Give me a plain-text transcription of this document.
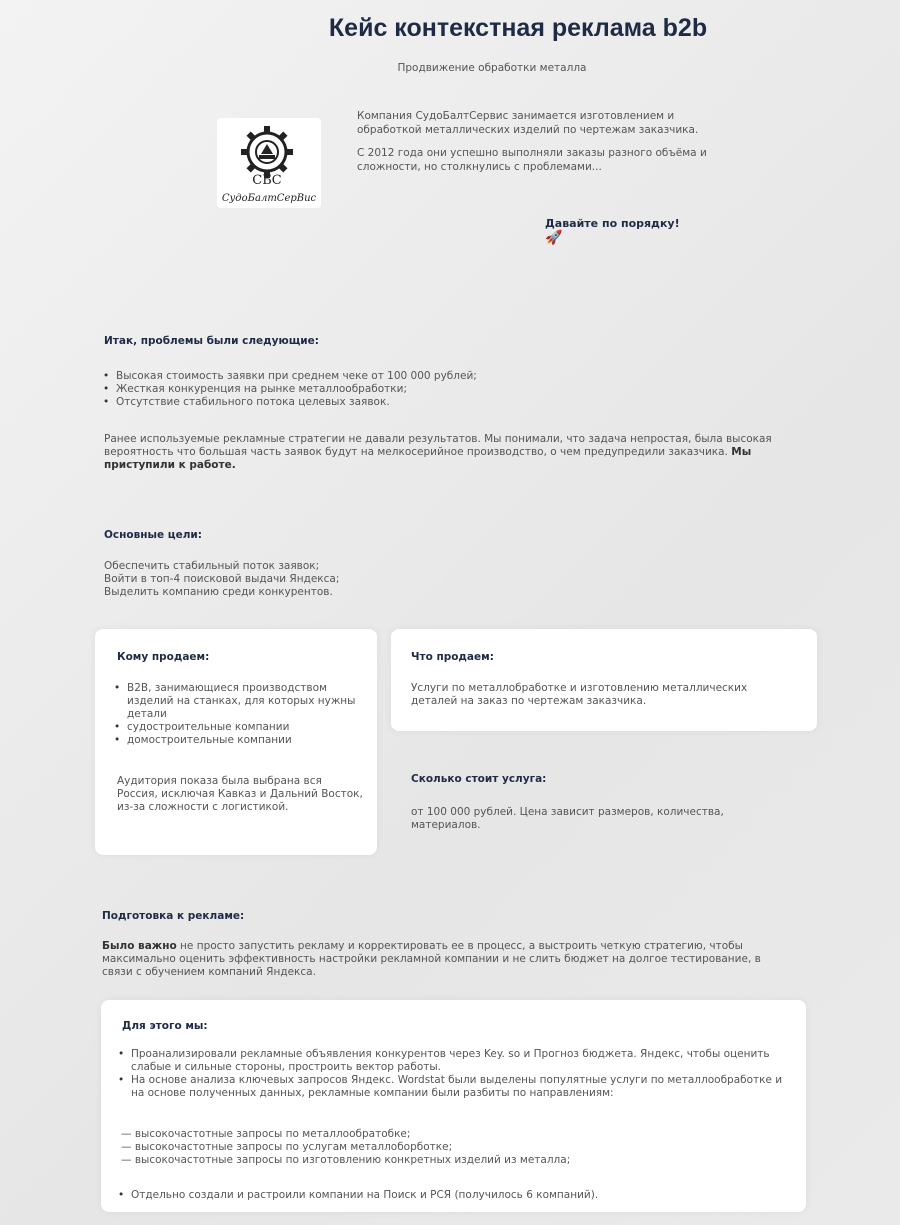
Кейс контекстная реклама b2b
Продвижение обработки металла
СБС
СудоБалтСерВис

Компания СудоБалтСервис занимается изготовлением и обработкой металлических изделий по чертежам заказчика.

С 2012 года они успешно выполняли заказы разного объёма и сложности, но столкнулись с проблемами...

Давайте по порядку!
🚀
Итак, проблемы были следующие:
• Высокая стоимость заявки при среднем чеке от 100 000 рублей;
• Жесткая конкуренция на рынке металлообработки;
• Отсутствие стабильного потока целевых заявок.

Ранее используемые рекламные стратегии не давали результатов. Мы понимали, что задача непростая, была высокая вероятность что большая часть заявок будут на мелкосерийное производство, о чем предупредили заказчика. Мы приступили к работе.

Основные цели:
Обеспечить стабильный поток заявок;
Войти в топ-4 поисковой выдачи Яндекса;
Выделить компанию среди конкурентов.
Кому продаем:
• B2B, занимающиеся производством изделий на станках, для которых нужны детали
• судостроительные компании
• домостроительные компании

Аудитория показа была выбрана вся Россия, исключая Кавказ и Дальний Восток, из-за сложности с логистикой.

Что продаем:

Услуги по металлобработке и изготовлению металлических деталей на заказ по чертежам заказчика.

Сколько стоит услуга:

от 100 000 рублей. Цена зависит размеров, количества, материалов.

Подготовка к рекламе:

Было важно не просто запустить рекламу и корректировать ее в процесс, а выстроить четкую стратегию, чтобы максимально оценить эффективность настройки рекламной компании и не слить бюджет на долгое тестирование, в связи с обучением компаний Яндекса.

Для этого мы:
• Проанализировали рекламные объявления конкурентов через Key. so и Прогноз бюджета. Яндекс, чтобы оценить слабые и сильные стороны, простроить вектор работы.
• На основе анализа ключевых запросов Яндекс. Wordstat были выделены популятные услуги по металлообработке и на основе полученных данных, рекламные компании были разбиты по направлениям:
— высокочастотные запросы по металлообратобке;
— высокочастотные запросы по услугам металлоборботке;
— высокочастотные запросы по изготовлению конкретных изделий из металла;
• Отдельно создали и растроили компании на Поиск и РСЯ (получилось 6 компаний).
